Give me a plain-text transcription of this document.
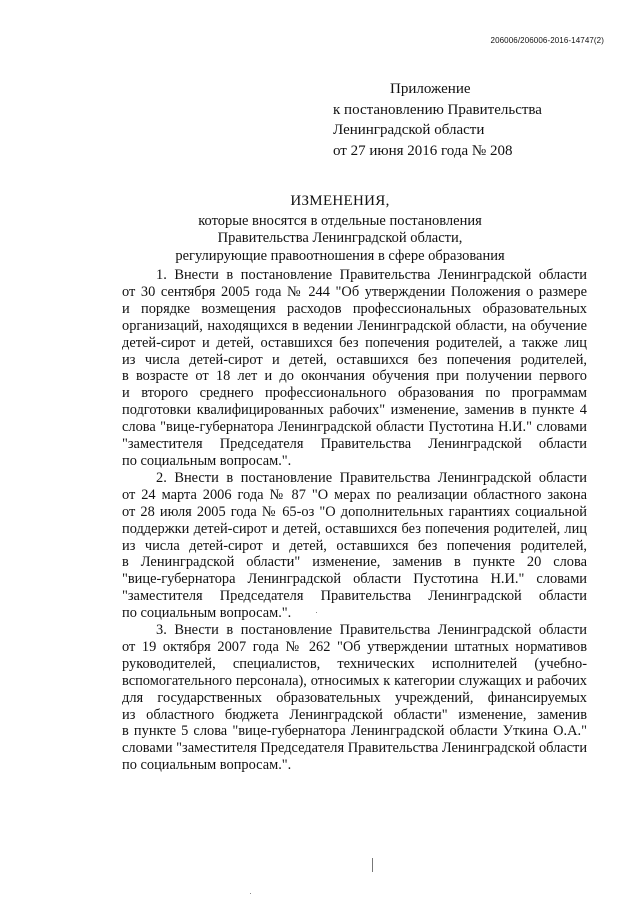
206006/206006-2016-14747(2)
Приложение
к постановлению Правительства
Ленинградской области
от 27 июня 2016 года № 208
ИЗМЕНЕНИЯ,
которые вносятся в отдельные постановления
Правительства Ленинградской области,
регулирующие правоотношения в сфере образования
1. Внести в постановление Правительства Ленинградской области
от 30 сентября 2005 года № 244 "Об утверждении Положения о размере
и порядке возмещения расходов профессиональных образовательных
организаций, находящихся в ведении Ленинградской области, на обучение
детей-сирот и детей, оставшихся без попечения родителей, а также лиц
из числа детей-сирот и детей, оставшихся без попечения родителей,
в возрасте от 18 лет и до окончания обучения при получении первого
и второго среднего профессионального образования по программам
подготовки квалифицированных рабочих" изменение, заменив в пункте 4
слова "вице-губернатора Ленинградской области Пустотина Н.И." словами
"заместителя Председателя Правительства Ленинградской области
по социальным вопросам.".
2. Внести в постановление Правительства Ленинградской области
от 24 марта 2006 года № 87 "О мерах по реализации областного закона
от 28 июля 2005 года № 65-оз "О дополнительных гарантиях социальной
поддержки детей-сирот и детей, оставшихся без попечения родителей, лиц
из числа детей-сирот и детей, оставшихся без попечения родителей,
в Ленинградской области" изменение, заменив в пункте 20 слова
"вице-губернатора Ленинградской области Пустотина Н.И." словами
"заместителя Председателя Правительства Ленинградской области
по социальным вопросам.".
3. Внести в постановление Правительства Ленинградской области
от 19 октября 2007 года № 262 "Об утверждении штатных нормативов
руководителей, специалистов, технических исполнителей (учебно-
вспомогательного персонала), относимых к категории служащих и рабочих
для государственных образовательных учреждений, финансируемых
из областного бюджета Ленинградской области" изменение, заменив
в пункте 5 слова "вице-губернатора Ленинградской области Уткина О.А."
словами "заместителя Председателя Правительства Ленинградской области
по социальным вопросам.".
